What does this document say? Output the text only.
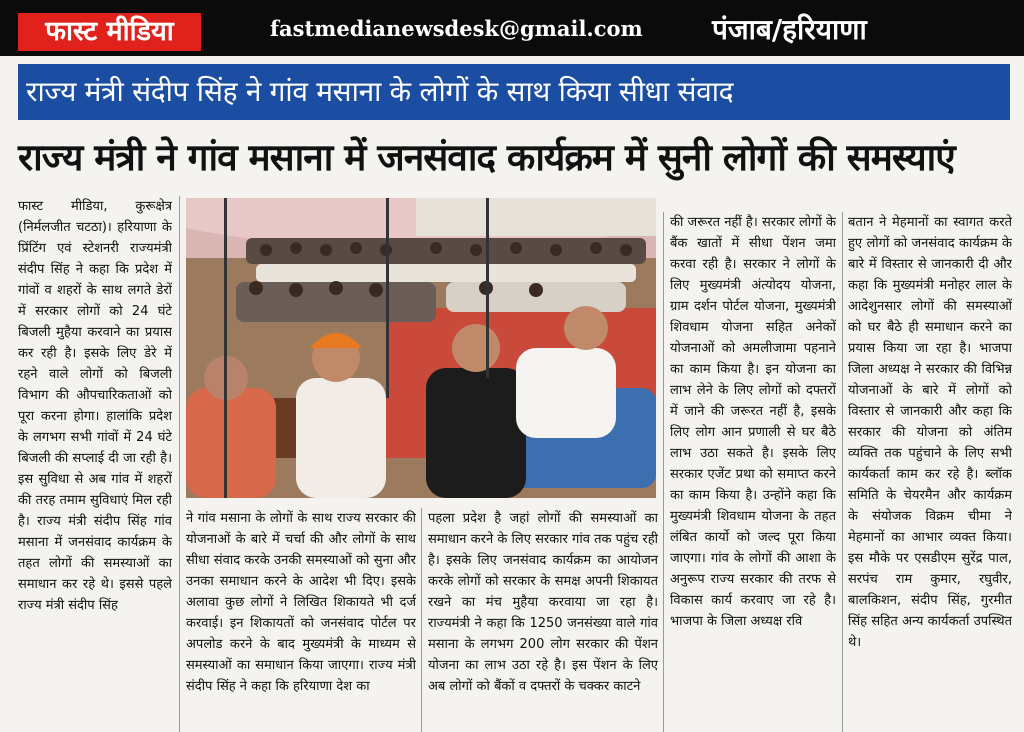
फास्ट मीडिया	fastmedianewsdesk@gmail.com पंजाब/हरियाणा
राज्य मंत्री संदीप सिंह ने गांव मसाना के लोगों के साथ किया सीधा संवाद
राज्य मंत्री ने गांव मसाना में जनसंवाद कार्यक्रम में सुनी लोगों की समस्याएं
फास्ट मीडिया, कुरूक्षेत्र (निर्मलजीत चटठा)। हरियाणा के प्रिंटिंग एवं स्टेशनरी राज्यमंत्री संदीप सिंह ने कहा कि प्रदेश में गांवों व शहरों के साथ लगते डेरों में सरकार लोगों को 24 घंटे बिजली मुहैया करवाने का प्रयास कर रही है। इसके लिए डेरे में रहने वाले लोगों को बिजली विभाग की औपचारिकताओं को पूरा करना होगा। हालांकि प्रदेश के लगभग सभी गांवों में 24 घंटे बिजली की सप्लाई दी जा रही है। इस सुविधा से अब गांव में शहरों की तरह तमाम सुविधाएं मिल रही है। राज्य मंत्री संदीप सिंह गांव मसाना में जनसंवाद कार्यक्रम के तहत लोगों की समस्याओं का समाधान कर रहे थे। इससे पहले राज्य मंत्री संदीप सिंह
ने गांव मसाना के लोगों के साथ राज्य सरकार की योजनाओं के बारे में चर्चा की और लोगों के साथ सीधा संवाद करके उनकी समस्याओं को सुना और उनका समाधान करने के आदेश भी दिए। इसके अलावा कुछ लोगों ने लिखित शिकायते भी दर्ज करवाई। इन शिकायतों को जनसंवाद पोर्टल पर अपलोड करने के बाद मुख्यमंत्री के माध्यम से समस्याओं का समाधान किया जाएगा। राज्य मंत्री संदीप सिंह ने कहा कि हरियाणा देश का
पहला प्रदेश है जहां लोगों की समस्याओं का समाधान करने के लिए सरकार गांव तक पहुंच रही है। इसके लिए जनसंवाद कार्यक्रम का आयोजन करके लोगों को सरकार के समक्ष अपनी शिकायत रखने का मंच मुहैया करवाया जा रहा है। राज्यमंत्री ने कहा कि 1250 जनसंख्या वाले गांव मसाना के लगभग 200 लोग सरकार की पेंशन योजना का लाभ उठा रहे है। इस पेंशन के लिए अब लोगों को बैंकों व दफ्तरों के चक्कर काटने
की जरूरत नहीं है। सरकार लोगों के बैंक खातों में सीधा पेंशन जमा करवा रही है। सरकार ने लोगों के लिए मुख्यमंत्री अंत्योदय योजना, ग्राम दर्शन पोर्टल योजना, मुख्यमंत्री शिवधाम योजना सहित अनेकों योजनाओं को अमलीजामा पहनाने का काम किया है। इन योजना का लाभ लेने के लिए लोगों को दफ्तरों में जाने की जरूरत नहीं है, इसके लिए लोग आन प्रणाली से घर बैठे लाभ उठा सकते है। इसके लिए सरकार एजेंट प्रथा को समाप्त करने का काम किया है। उन्होंने कहा कि मुख्यमंत्री शिवधाम योजना के तहत लंबित कार्यो को जल्द पूरा किया जाएगा। गांव के लोगों की आशा के अनुरूप राज्य सरकार की तरफ से विकास कार्य करवाए जा रहे है। भाजपा के जिला अध्यक्ष रवि
बतान ने मेहमानों का स्वागत करते हुए लोगों को जनसंवाद कार्यक्रम के बारे में विस्तार से जानकारी दी और कहा कि मुख्यमंत्री मनोहर लाल के आदेशुनसार लोगों की समस्याओं को घर बैठे ही समाधान करने का प्रयास किया जा रहा है। भाजपा जिला अध्यक्ष ने सरकार की विभिन्न योजनाओं के बारे में लोगों को विस्तार से जानकारी और कहा कि सरकार की योजना को अंतिम व्यक्ति तक पहुंचाने के लिए सभी कार्यकर्ता काम कर रहे है। ब्लॉक समिति के चेयरमैन और कार्यक्रम के संयोजक विक्रम चीमा ने मेहमानों का आभार व्यक्त किया। इस मौके पर एसडीएम सुरेंद्र पाल, सरपंच राम कुमार, रघुवीर, बालकिशन, संदीप सिंह, गुरमीत सिंह सहित अन्य कार्यकर्ता उपस्थित थे।
